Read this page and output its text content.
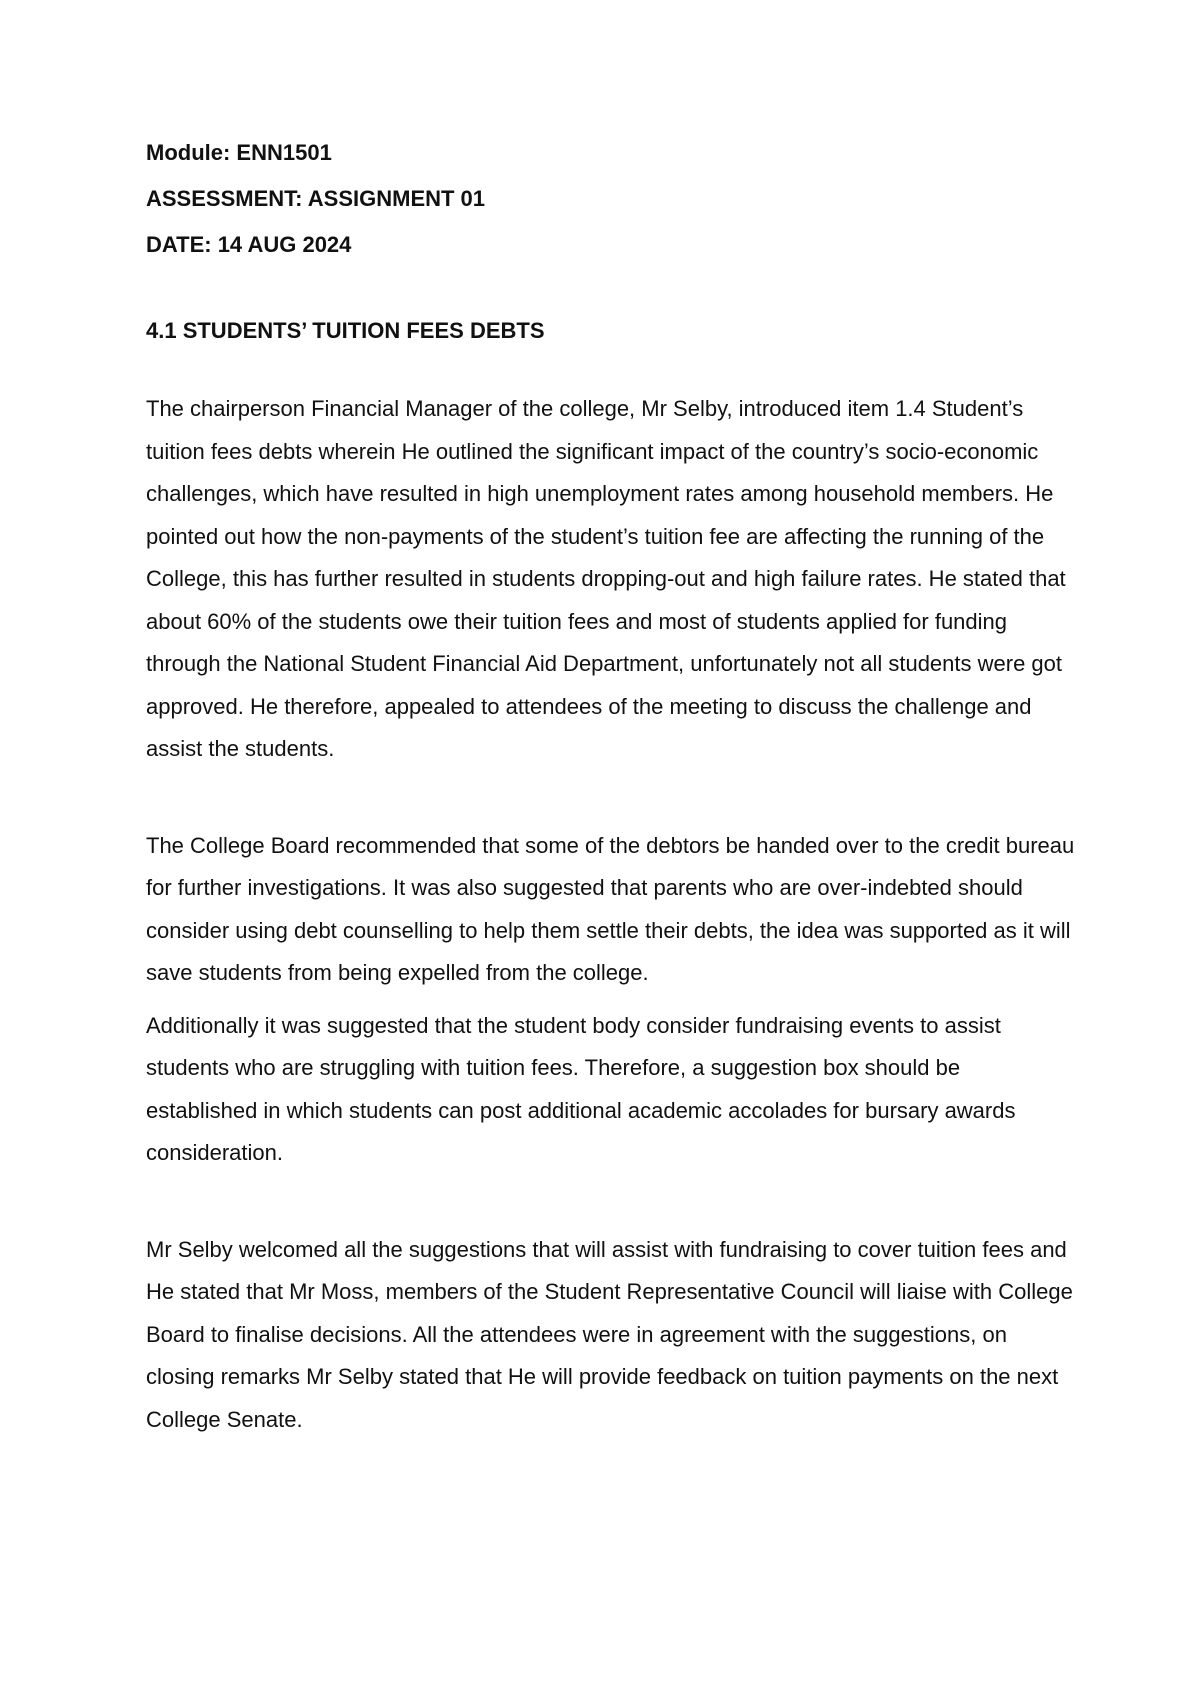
Module: ENN1501

ASSESSMENT: ASSIGNMENT 01

DATE: 14 AUG 2024

4.1 STUDENTS’ TUITION FEES DEBTS

The chairperson Financial Manager of the college, Mr Selby, introduced item 1.4 Student’s tuition fees debts wherein He outlined the significant impact of the country’s socio-economic challenges, which have resulted in high unemployment rates among household members. He pointed out how the non-payments of the student’s tuition fee are affecting the running of the College, this has further resulted in students dropping-out and high failure rates. He stated that about 60% of the students owe their tuition fees and most of students applied for funding through the National Student Financial Aid Department, unfortunately not all students were got approved. He therefore, appealed to attendees of the meeting to discuss the challenge and assist the students.

The College Board recommended that some of the debtors be handed over to the credit bureau for further investigations. It was also suggested that parents who are over-indebted should consider using debt counselling to help them settle their debts, the idea was supported as it will save students from being expelled from the college.

Additionally it was suggested that the student body consider fundraising events to assist students who are struggling with tuition fees. Therefore, a suggestion box should be established in which students can post additional academic accolades for bursary awards consideration.

Mr Selby welcomed all the suggestions that will assist with fundraising to cover tuition fees and He stated that Mr Moss, members of the Student Representative Council will liaise with College Board to finalise decisions. All the attendees were in agreement with the suggestions, on closing remarks Mr Selby stated that He will provide feedback on tuition payments on the next College Senate.
